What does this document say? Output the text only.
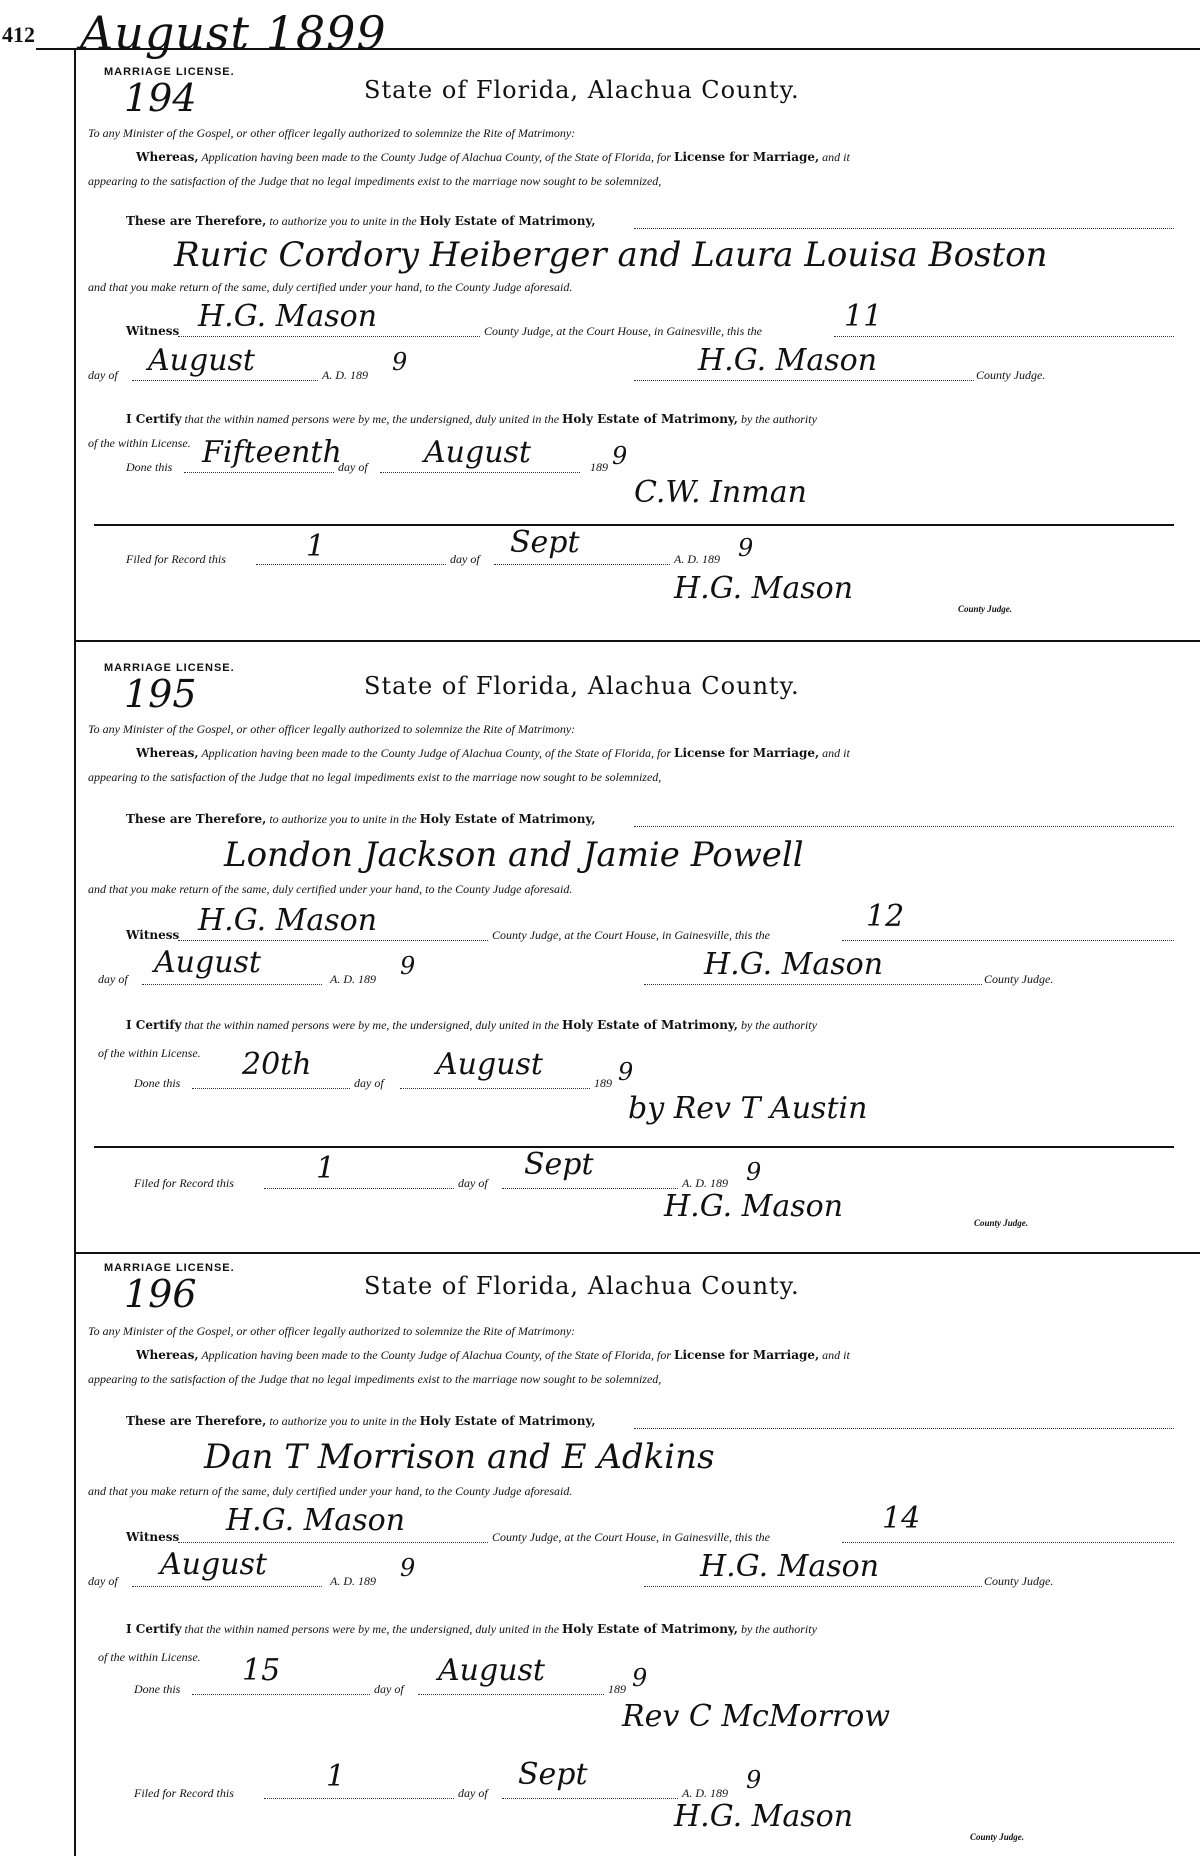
412 August 1899
MARRIAGE LICENSE.
194	State of Florida, Alachua County.
To any Minister of the Gospel, or other officer legally authorized to solemnize the Rite of Matrimony:
Whereas, Application having been made to the County Judge of Alachua County, of the State of Florida, for License for Marriage, and it
appearing to the satisfaction of the Judge that no legal impediments exist to the marriage now sought to be solemnized,
These are Therefore, to authorize you to unite in the Holy Estate of Matrimony,
Ruric Cordory Heiberger and Laura Louisa Boston
and that you make return of the same, duly certified under your hand, to the County Judge aforesaid.
Witness H.G. Mason	County Judge, at the Court House, in Gainesville, this the	11
day of August	A. D. 189 9	H.G. Mason	County Judge.
I Certify that the within named persons were by me, the undersigned, duly united in the Holy Estate of Matrimony, by the authority
of the within License.
Done this Fifteenth
day of August	189 9
C.W. Inman
Filed for Record this	1	day of Sept	A. D. 189 9
H.G. Mason
County Judge.
MARRIAGE LICENSE.
195	State of Florida, Alachua County.
To any Minister of the Gospel, or other officer legally authorized to solemnize the Rite of Matrimony:
Whereas, Application having been made to the County Judge of Alachua County, of the State of Florida, for License for Marriage, and it
appearing to the satisfaction of the Judge that no legal impediments exist to the marriage now sought to be solemnized,
These are Therefore, to authorize you to unite in the Holy Estate of Matrimony,
London Jackson and Jamie Powell
and that you make return of the same, duly certified under your hand, to the County Judge aforesaid.
Witness H.G. Mason	County Judge, at the Court House, in Gainesville, this the
12
day of August	A. D. 189 9	H.G. Mason	County Judge.
I Certify that the within named persons were by me, the undersigned, duly united in the Holy Estate of Matrimony, by the authority
of the within License.
Done this
20th
day of
August
189 9
by Rev T Austin
Filed for Record this	1	day of
Sept
A. D. 189 9
H.G. Mason	County Judge.
MARRIAGE LICENSE.
196	State of Florida, Alachua County.
To any Minister of the Gospel, or other officer legally authorized to solemnize the Rite of Matrimony:
Whereas, Application having been made to the County Judge of Alachua County, of the State of Florida, for License for Marriage, and it
appearing to the satisfaction of the Judge that no legal impediments exist to the marriage now sought to be solemnized,
These are Therefore, to authorize you to unite in the Holy Estate of Matrimony,
Dan T Morrison and E Adkins
and that you make return of the same, duly certified under your hand, to the County Judge aforesaid.
Witness H.G. Mason	County Judge, at the Court House, in Gainesville, this the
14
day of August	A. D. 189 9	H.G. Mason	County Judge.
I Certify that the within named persons were by me, the undersigned, duly united in the Holy Estate of Matrimony, by the authority
of the within License.
Done this
15
day of
August
189 9
Rev C McMorrow
Filed for Record this	1	day of
Sept
A. D. 189 9
H.G. Mason
County Judge.
